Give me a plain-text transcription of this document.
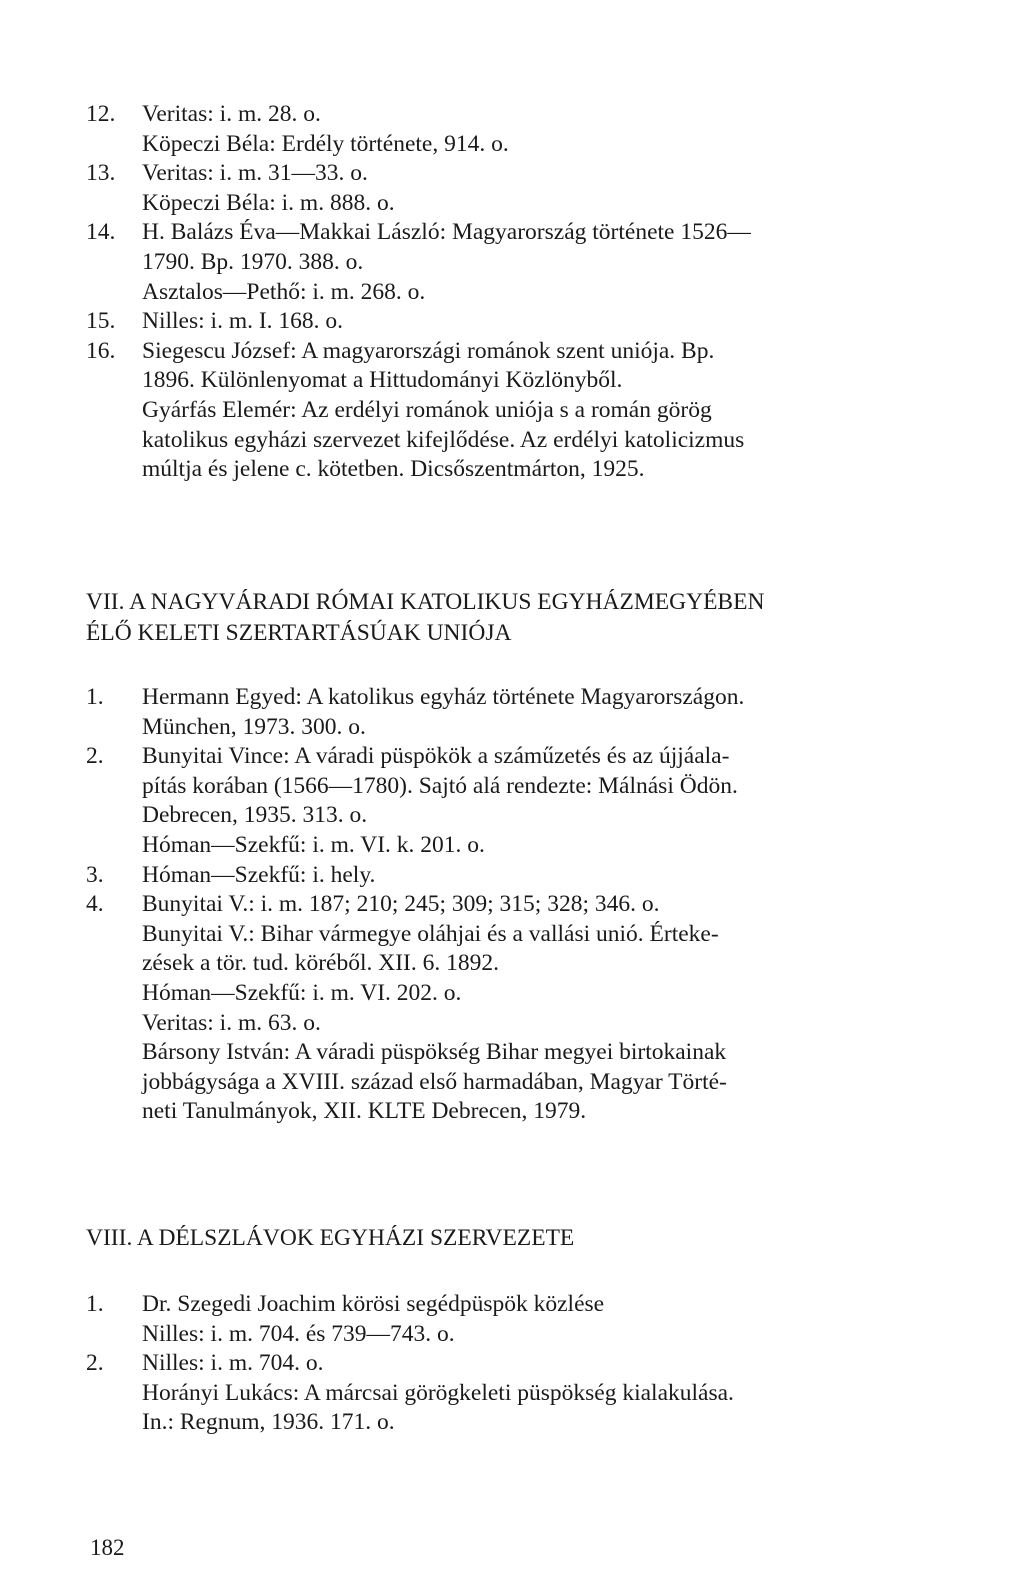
12. Veritas: i. m. 28. o.
Köpeczi Béla: Erdély története, 914. o.
13. Veritas: i. m. 31—33. o.
Köpeczi Béla: i. m. 888. o.
14. H. Balázs Éva—Makkai László: Magyarország története 1526—
1790. Bp. 1970. 388. o.
Asztalos—Pethő: i. m. 268. o.
15. Nilles: i. m. I. 168. o.
16. Siegescu József: A magyarországi románok szent uniója. Bp.
1896. Különlenyomat a Hittudományi Közlönyből.
Gyárfás Elemér: Az erdélyi románok uniója s a román görög
katolikus egyházi szervezet kifejlődése. Az erdélyi katolicizmus
múltja és jelene c. kötetben. Dicsőszentmárton, 1925.
VII. A NAGYVÁRADI RÓMAI KATOLIKUS EGYHÁZMEGYÉBEN
ÉLŐ KELETI SZERTARTÁSÚAK UNIÓJA
1. Hermann Egyed: A katolikus egyház története Magyarországon.
München, 1973. 300. o.
2. Bunyitai Vince: A váradi püspökök a száműzetés és az újjáala-
pítás korában (1566—1780). Sajtó alá rendezte: Málnási Ödön.
Debrecen, 1935. 313. o.
Hóman—Szekfű: i. m. VI. k. 201. o.
3. Hóman—Szekfű: i. hely.
4. Bunyitai V.: i. m. 187; 210; 245; 309; 315; 328; 346. o.
Bunyitai V.: Bihar vármegye oláhjai és a vallási unió. Érteke-
zések a tör. tud. köréből. XII. 6. 1892.
Hóman—Szekfű: i. m. VI. 202. o.
Veritas: i. m. 63. o.
Bársony István: A váradi püspökség Bihar megyei birtokainak
jobbágysága a XVIII. század első harmadában, Magyar Törté-
neti Tanulmányok, XII. KLTE Debrecen, 1979.
VIII. A DÉLSZLÁVOK EGYHÁZI SZERVEZETE
1. Dr. Szegedi Joachim körösi segédpüspök közlése
Nilles: i. m. 704. és 739—743. o.
2. Nilles: i. m. 704. o.
Horányi Lukács: A márcsai görögkeleti püspökség kialakulása.
In.: Regnum, 1936. 171. o.
182
